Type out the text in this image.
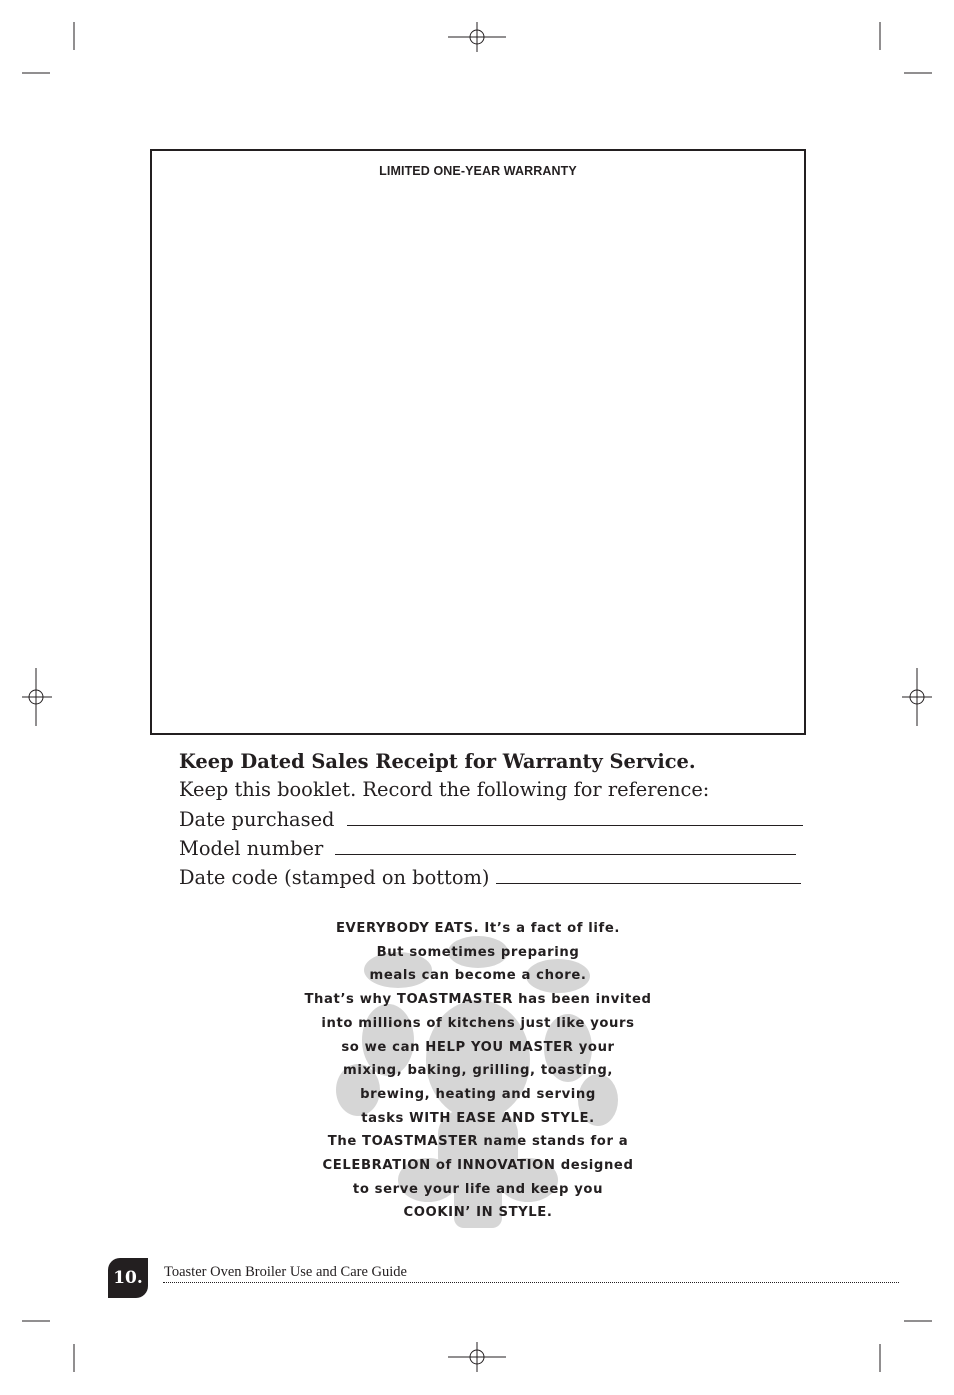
LIMITED ONE-YEAR WARRANTY
Keep Dated Sales Receipt for Warranty Service.
Keep this booklet. Record the following for reference:
Date purchased
Model number
Date code (stamped on bottom)
EVERYBODY EATS. It’s a fact of life.
But sometimes preparing
meals can become a chore.
That’s why TOASTMASTER has been invited
into millions of kitchens just like yours
so we can HELP YOU MASTER your
mixing, baking, grilling, toasting,
brewing, heating and serving
tasks WITH EASE AND STYLE.
The TOASTMASTER name stands for a
CELEBRATION of INNOVATION designed
to serve your life and keep you
COOKIN’ IN STYLE.
10.	Toaster Oven Broiler Use and Care Guide
